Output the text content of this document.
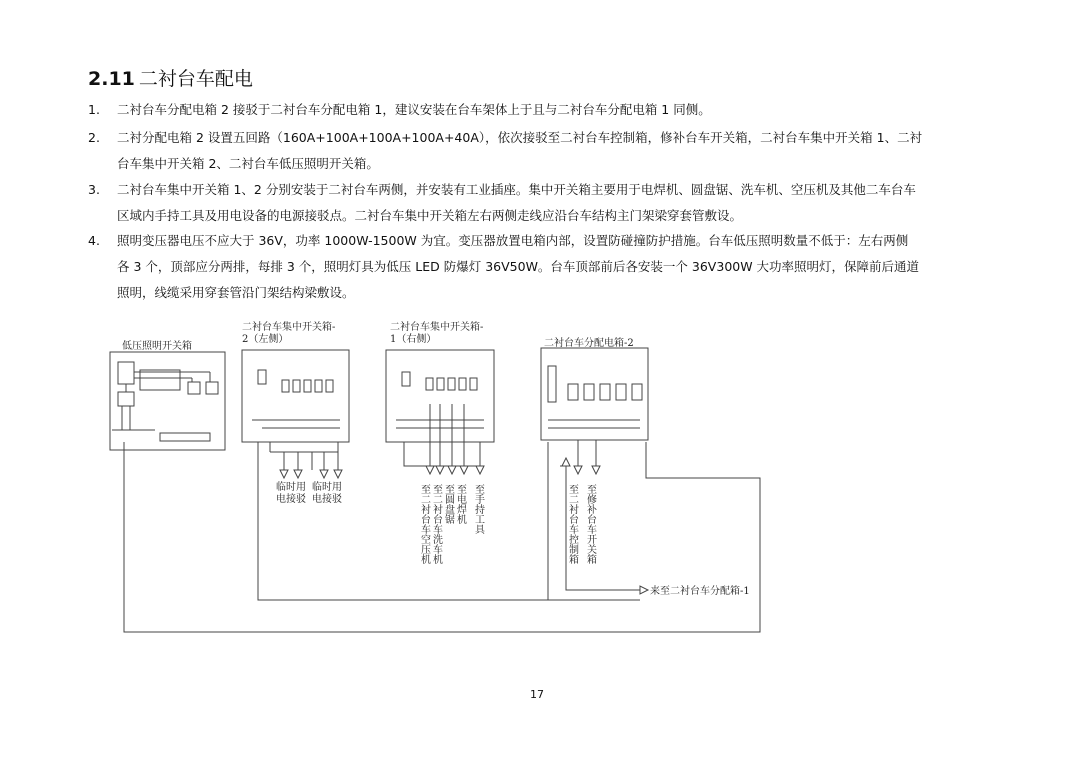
2.11 二衬台车配电
1.	二衬台车分配电箱 2 接驳于二衬台车分配电箱 1，建议安装在台车架体上于且与二衬台车分配电箱 1 同侧。
2.	二衬分配电箱 2 设置五回路（160A+100A+100A+100A+40A），依次接驳至二衬台车控制箱，修补台车开关箱，二衬台车集中开关箱 1、二衬
台车集中开关箱 2、二衬台车低压照明开关箱。
3.	二衬台车集中开关箱 1、2 分别安装于二衬台车两侧，并安装有工业插座。集中开关箱主要用于电焊机、圆盘锯、洗车机、空压机及其他二车台车
区域内手持工具及用电设备的电源接驳点。二衬台车集中开关箱左右两侧走线应沿台车结构主门架梁穿套管敷设。
4.	照明变压器电压不应大于 36V，功率 1000W-1500W 为宜。变压器放置电箱内部，设置防碰撞防护措施。台车低压照明数量不低于：左右两侧
各 3 个，顶部应分两排，每排 3 个，照明灯具为低压 LED 防爆灯 36V50W。台车顶部前后各安装一个 36V300W 大功率照明灯，保障前后通道
照明，线缆采用穿套管沿门架结构梁敷设。
低压照明开关箱
二衬台车集中开关箱-
2（左侧）
二衬台车集中开关箱-
1（右侧）	二衬台车分配电箱-2
临时用
电接驳
临时用
电接驳	至二衬台车空压机 至二衬台车洗车机 至圆盘锯 至电焊机 至手持工具	至二衬台车控制箱 至修补台车开关箱
来至二衬台车分配箱-1
17
